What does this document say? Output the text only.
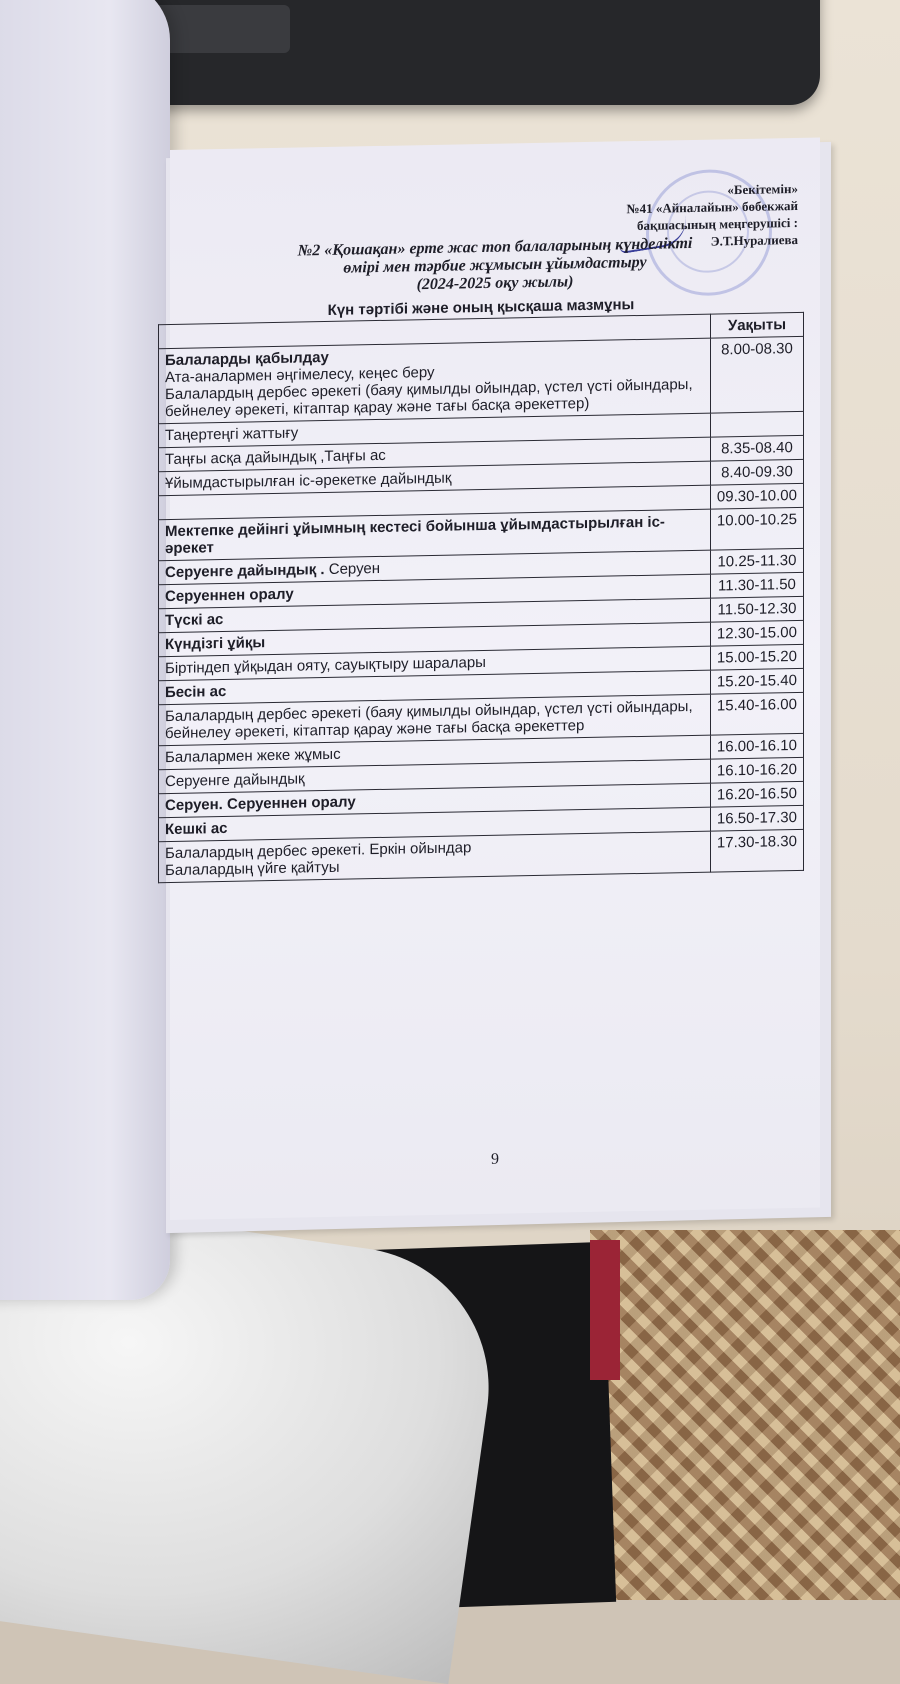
«Бекітемін»
№41 «Айналайын» бөбекжай
бақшасының меңгерушісі :
Э.Т.Нуралиева
№2 «Қошақан» ерте жас топ балаларының күнделікті
өмірі мен тәрбие жұмысын ұйымдастыру
(2024-2025 оқу жылы)
Күн тәртібі және оның қысқаша мазмұны	
	Уақыты
Балаларды қабылдау
Ата-аналармен әңгімелесу, кеңес беру
Балалардың дербес әрекеті (баяу қимылды ойындар, үстел үсті ойындары, бейнелеу әрекеті, кітаптар қарау және тағы басқа әрекеттер)	8.00-08.30
Таңертеңгі жаттығу	
Таңғы асқа дайындық ,Таңғы ас	8.35-08.40
Ұйымдастырылған іс-әрекетке дайындық	8.40-09.30
	09.30-10.00
Мектепке дейінгі ұйымның кестесі бойынша ұйымдастырылған іс-әрекет	10.00-10.25
Серуенге дайындық . Серуен	10.25-11.30
Серуеннен оралу	11.30-11.50
Түскі ас	11.50-12.30
Күндізгі ұйқы	12.30-15.00
Біртіндеп ұйқыдан ояту, сауықтыру шаралары	15.00-15.20
Бесін ас	15.20-15.40
Балалардың дербес әрекеті (баяу қимылды ойындар, үстел үсті ойындары, бейнелеу әрекеті, кітаптар қарау және тағы басқа әрекеттер	15.40-16.00
Балалармен жеке жұмыс	16.00-16.10
Серуенге дайындық	16.10-16.20
Серуен. Серуеннен оралу	16.20-16.50
Кешкі ас	16.50-17.30
Балалардың дербес әрекеті. Еркін ойындар
Балалардың үйге қайтуы	17.30-18.30
9
